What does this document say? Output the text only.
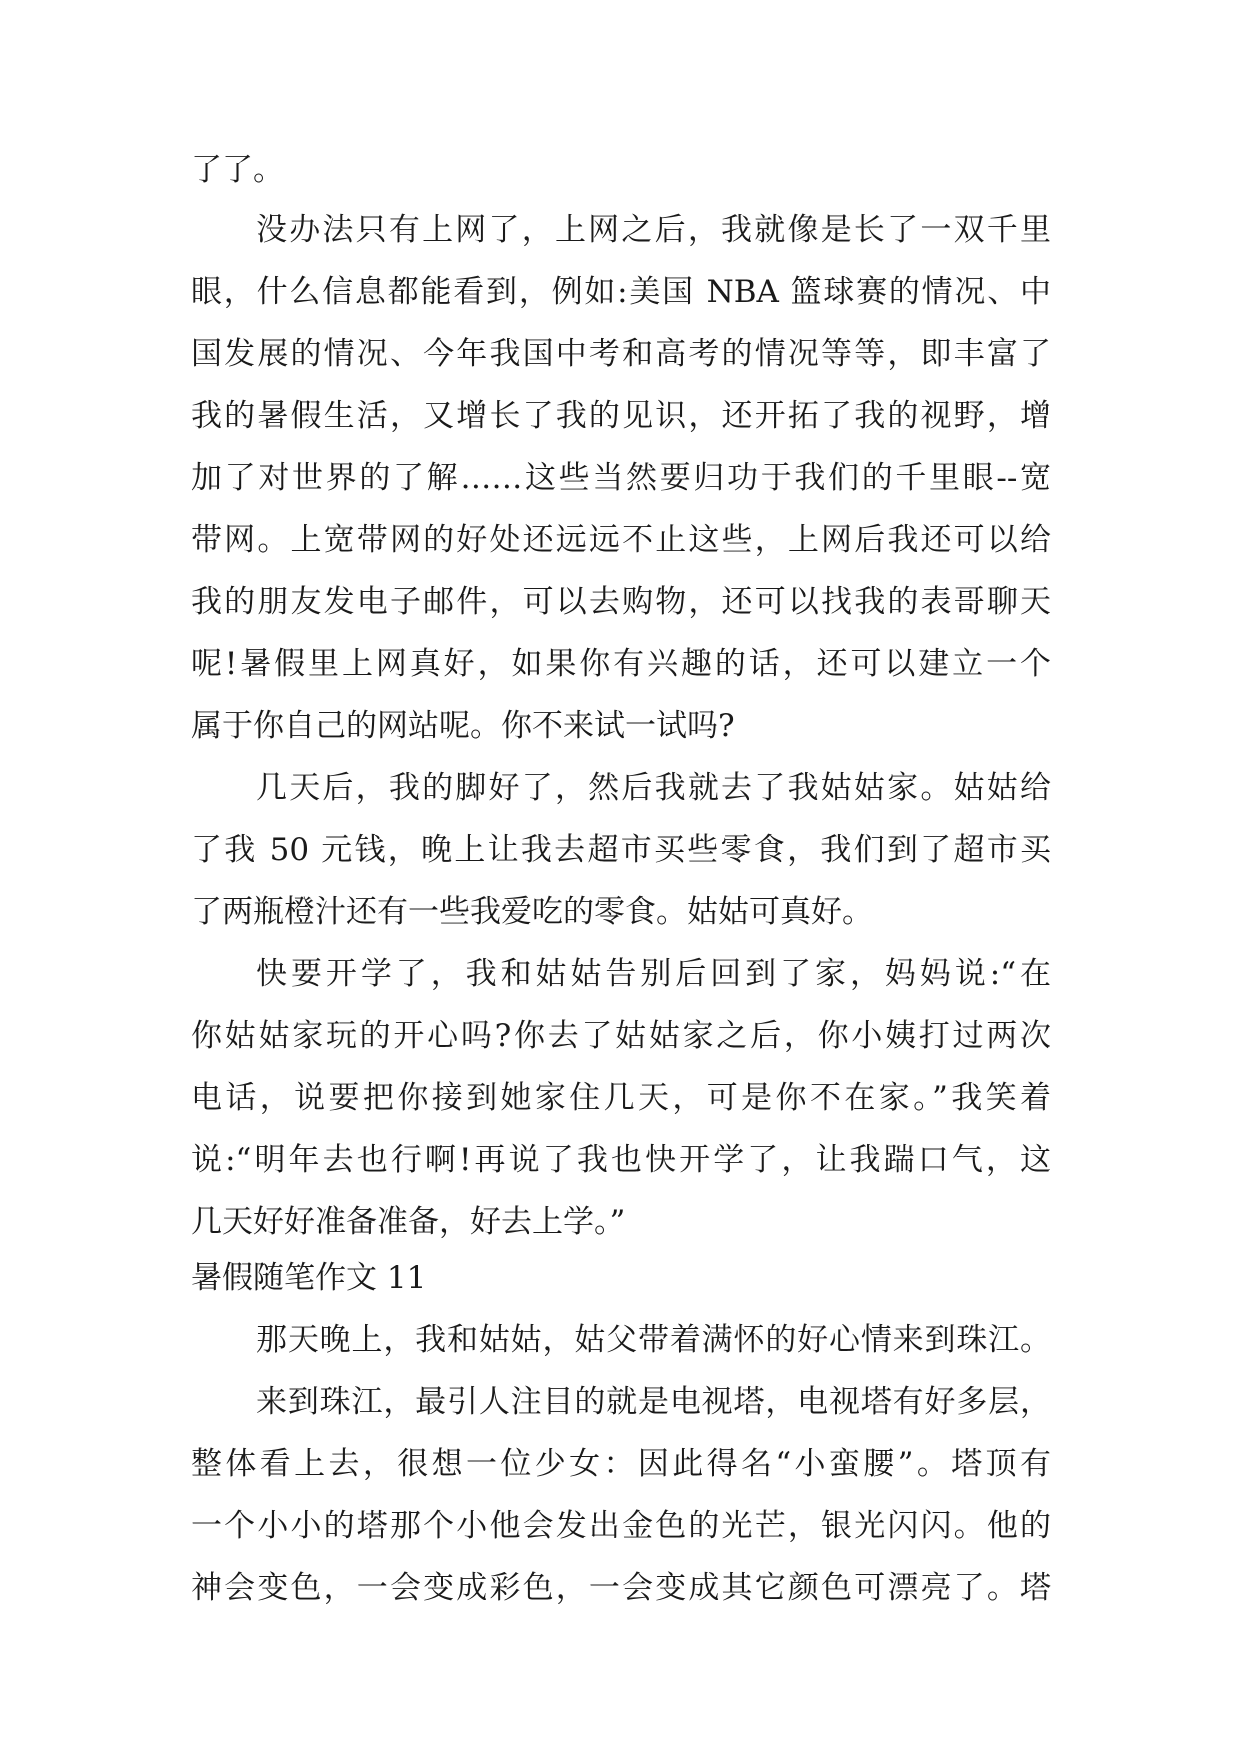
了了。
没办法只有上网了，上网之后，我就像是长了一双千里
眼，什么信息都能看到，例如:美国 NBA 篮球赛的情况、中
国发展的情况、今年我国中考和高考的情况等等，即丰富了
我的暑假生活，又增长了我的见识，还开拓了我的视野，增
加了对世界的了解……这些当然要归功于我们的千里眼--宽
带网。上宽带网的好处还远远不止这些，上网后我还可以给
我的朋友发电子邮件，可以去购物，还可以找我的表哥聊天
呢!暑假里上网真好，如果你有兴趣的话，还可以建立一个
属于你自己的网站呢。你不来试一试吗?
几天后，我的脚好了，然后我就去了我姑姑家。姑姑给
了我 50 元钱，晚上让我去超市买些零食，我们到了超市买
了两瓶橙汁还有一些我爱吃的零食。姑姑可真好。
快要开学了，我和姑姑告别后回到了家，妈妈说:“在
你姑姑家玩的开心吗?你去了姑姑家之后，你小姨打过两次
电话，说要把你接到她家住几天，可是你不在家。”我笑着
说:“明年去也行啊!再说了我也快开学了，让我踹口气，这
几天好好准备准备，好去上学。”
暑假随笔作文 11
那天晚上，我和姑姑，姑父带着满怀的好心情来到珠江。
来到珠江，最引人注目的就是电视塔，电视塔有好多层，
整体看上去，很想一位少女：因此得名“小蛮腰”。塔顶有
一个小小的塔那个小他会发出金色的光芒，银光闪闪。他的
神会变色，一会变成彩色，一会变成其它颜色可漂亮了。塔
